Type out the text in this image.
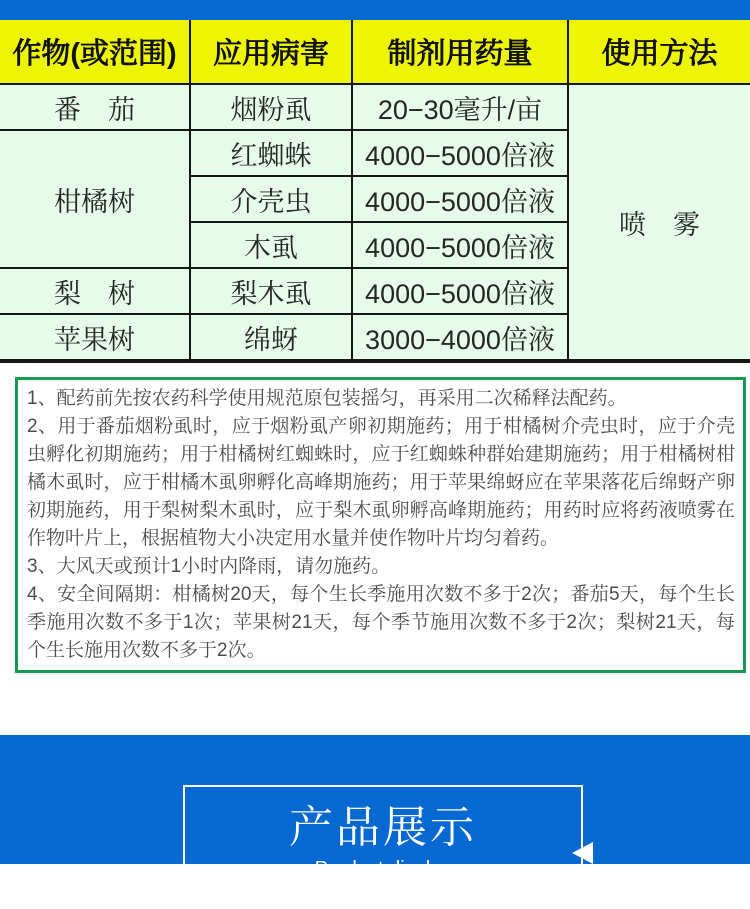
作物(或范围)	应用病害	制剂用药量	使用方法
番　茄	烟粉虱	20−30毫升/亩	喷　雾
柑橘树	红蜘蛛	4000−5000倍液	
	介壳虫	4000−5000倍液	
	木虱	4000−5000倍液	
梨　树	梨木虱	4000−5000倍液	
苹果树	绵蚜	3000−4000倍液	

1、配药前先按农药科学使用规范原包装摇匀，再采用二次稀释法配药。

2、用于番茄烟粉虱时，应于烟粉虱产卵初期施药；用于柑橘树介壳虫时，应于介壳虫孵化初期施药；用于柑橘树红蜘蛛时，应于红蜘蛛种群始建期施药；用于柑橘树柑橘木虱时，应于柑橘木虱卵孵化高峰期施药；用于苹果绵蚜应在苹果落花后绵蚜产卵初期施药，用于梨树梨木虱时，应于梨木虱卵孵高峰期施药；用药时应将药液喷雾在作物叶片上，根据植物大小决定用水量并使作物叶片均匀着药。

3、大风天或预计1小时内降雨，请勿施药。

4、安全间隔期：柑橘树20天，每个生长季施用次数不多于2次；番茄5天，每个生长季施用次数不多于1次；苹果树21天，每个季节施用次数不多于2次；梨树21天，每个生长施用次数不多于2次。

产品展示
Product display
